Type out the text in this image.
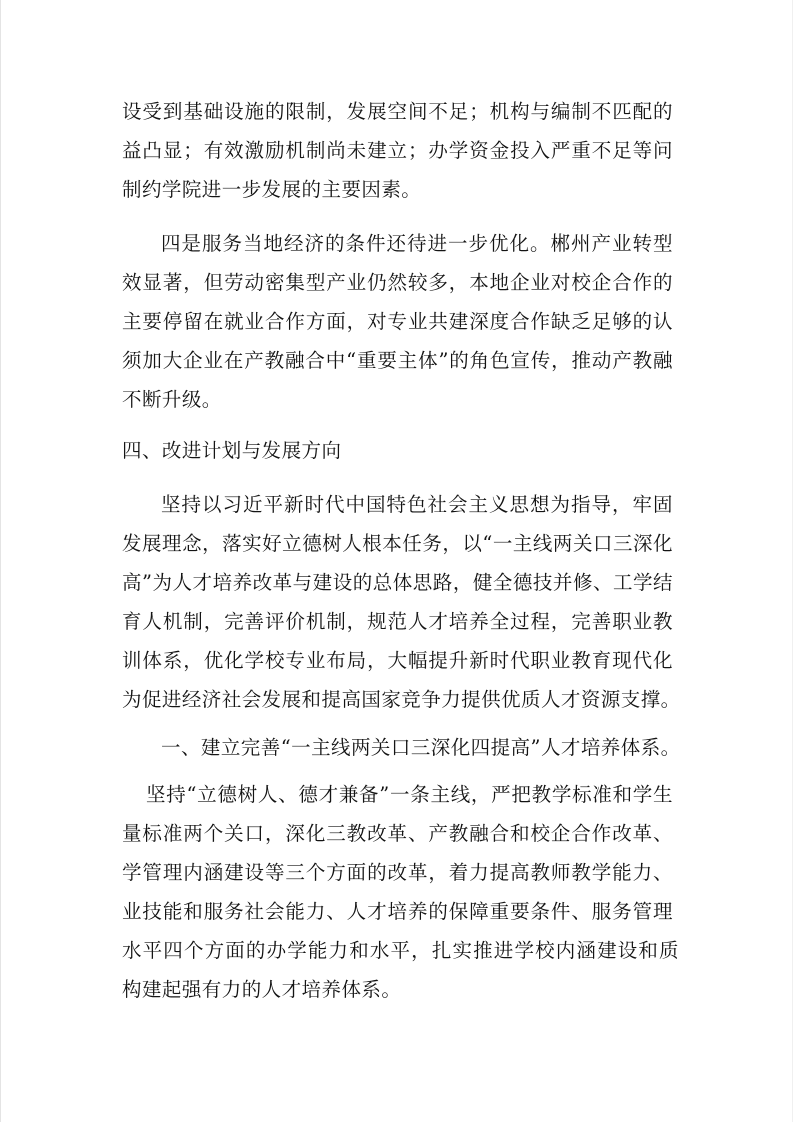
设受到基础设施的限制，发展空间不足；机构与编制不匹配的
益凸显；有效激励机制尚未建立；办学资金投入严重不足等问
制约学院进一步发展的主要因素。
四是服务当地经济的条件还待进一步优化。郴州产业转型
效显著，但劳动密集型产业仍然较多，本地企业对校企合作的
主要停留在就业合作方面，对专业共建深度合作缺乏足够的认
须加大企业在产教融合中“重要主体”的角色宣传，推动产教融
不断升级。
四、改进计划与发展方向
坚持以习近平新时代中国特色社会主义思想为指导，牢固
发展理念，落实好立德树人根本任务，以“一主线两关口三深化
高”为人才培养改革与建设的总体思路，健全德技并修、工学结
育人机制，完善评价机制，规范人才培养全过程，完善职业教
训体系，优化学校专业布局，大幅提升新时代职业教育现代化
为促进经济社会发展和提高国家竞争力提供优质人才资源支撑。
一、建立完善“一主线两关口三深化四提高”人才培养体系。
坚持“立德树人、德才兼备”一条主线，严把教学标准和学生
量标准两个关口，深化三教改革、产教融合和校企合作改革、
学管理内涵建设等三个方面的改革，着力提高教师教学能力、
业技能和服务社会能力、人才培养的保障重要条件、服务管理
水平四个方面的办学能力和水平，扎实推进学校内涵建设和质
构建起强有力的人才培养体系。
